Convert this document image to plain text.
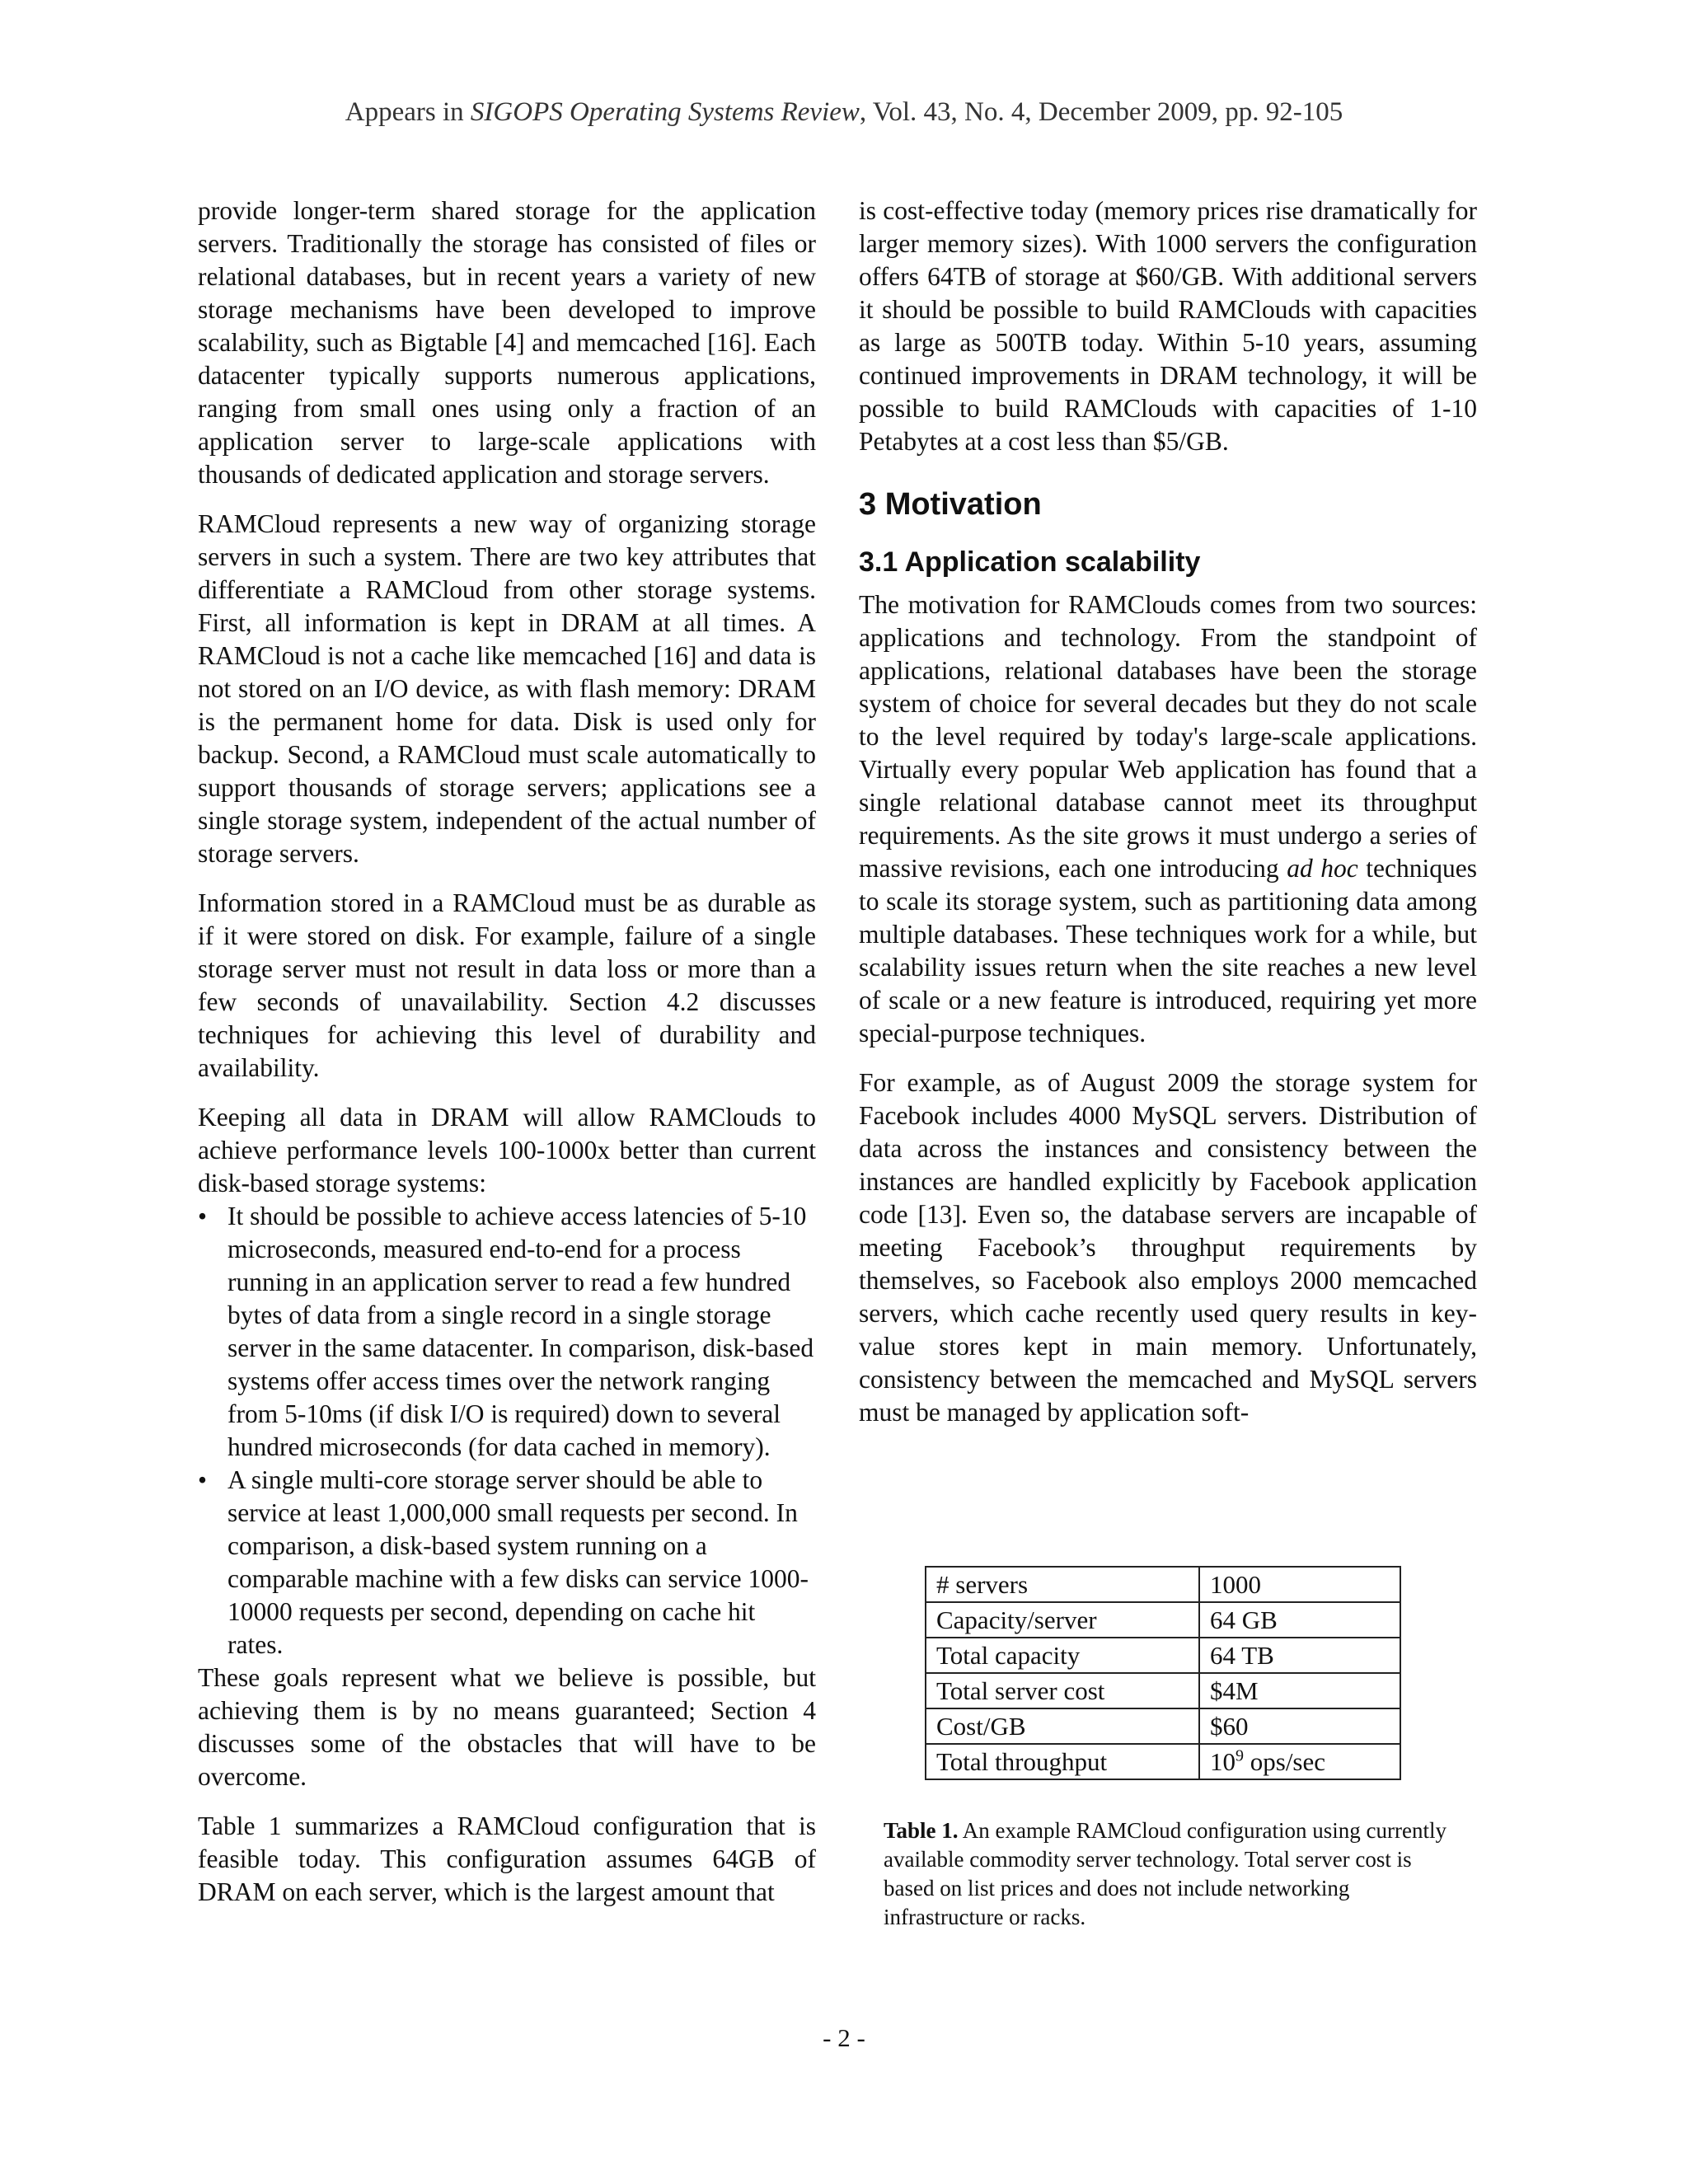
Appears in SIGOPS Operating Systems Review, Vol. 43, No. 4, December 2009, pp. 92-105

provide longer-term shared storage for the application servers. Traditionally the storage has consisted of files or relational databases, but in recent years a variety of new storage mechanisms have been developed to improve scalability, such as Bigtable [4] and memcached [16]. Each datacenter typically supports numerous applications, ranging from small ones using only a fraction of an application server to large-scale applications with thousands of dedicated application and storage servers.

RAMCloud represents a new way of organizing storage servers in such a system. There are two key attributes that differentiate a RAMCloud from other storage systems. First, all information is kept in DRAM at all times. A RAMCloud is not a cache like memcached [16] and data is not stored on an I/O device, as with flash memory: DRAM is the permanent home for data. Disk is used only for backup. Second, a RAMCloud must scale automatically to support thousands of storage servers; applications see a single storage system, independent of the actual number of storage servers.

Information stored in a RAMCloud must be as durable as if it were stored on disk. For example, failure of a single storage server must not result in data loss or more than a few seconds of unavailability. Section 4.2 discusses techniques for achieving this level of durability and availability.

Keeping all data in DRAM will allow RAMClouds to achieve performance levels 100-1000x better than current disk-based storage systems:

• It should be possible to achieve access latencies of 5-10 microseconds, measured end-to-end for a process running in an application server to read a few hundred bytes of data from a single record in a single storage server in the same datacenter. In comparison, disk-based systems offer access times over the network ranging from 5-10ms (if disk I/O is required) down to several hundred microseconds (for data cached in memory).
• A single multi-core storage server should be able to service at least 1,000,000 small requests per second. In comparison, a disk-based system running on a comparable machine with a few disks can service 1000-10000 requests per second, depending on cache hit rates.

These goals represent what we believe is possible, but achieving them is by no means guaranteed; Section 4 discusses some of the obstacles that will have to be overcome.

Table 1 summarizes a RAMCloud configuration that is feasible today. This configuration assumes 64GB of DRAM on each server, which is the largest amount that

is cost-effective today (memory prices rise dramatically for larger memory sizes). With 1000 servers the configuration offers 64TB of storage at $60/GB. With additional servers it should be possible to build RAMClouds with capacities as large as 500TB today. Within 5-10 years, assuming continued improvements in DRAM technology, it will be possible to build RAMClouds with capacities of 1-10 Petabytes at a cost less than $5/GB.

3 Motivation
3.1 Application scalability

The motivation for RAMClouds comes from two sources: applications and technology. From the standpoint of applications, relational databases have been the storage system of choice for several decades but they do not scale to the level required by today's large-scale applications. Virtually every popular Web application has found that a single relational database cannot meet its throughput requirements. As the site grows it must undergo a series of massive revisions, each one introducing ad hoc techniques to scale its storage system, such as partitioning data among multiple databases. These techniques work for a while, but scalability issues return when the site reaches a new level of scale or a new feature is introduced, requiring yet more special-purpose techniques.

For example, as of August 2009 the storage system for Facebook includes 4000 MySQL servers. Distribution of data across the instances and consistency between the instances are handled explicitly by Facebook application code [13]. Even so, the database servers are incapable of meeting Facebook’s throughput requirements by themselves, so Facebook also employs 2000 memcached servers, which cache recently used query results in key-value stores kept in main memory. Unfortunately, consistency between the memcached and MySQL servers must be managed by application soft-

# servers	1000
Capacity/server	64 GB
Total capacity	64 TB
Total server cost	$4M
Cost/GB	$60
Total throughput	$10^9$ ops/sec
Table 1. An example RAMCloud configuration using currently available commodity server technology. Total server cost is based on list prices and does not include networking infrastructure or racks.
- 2 -
